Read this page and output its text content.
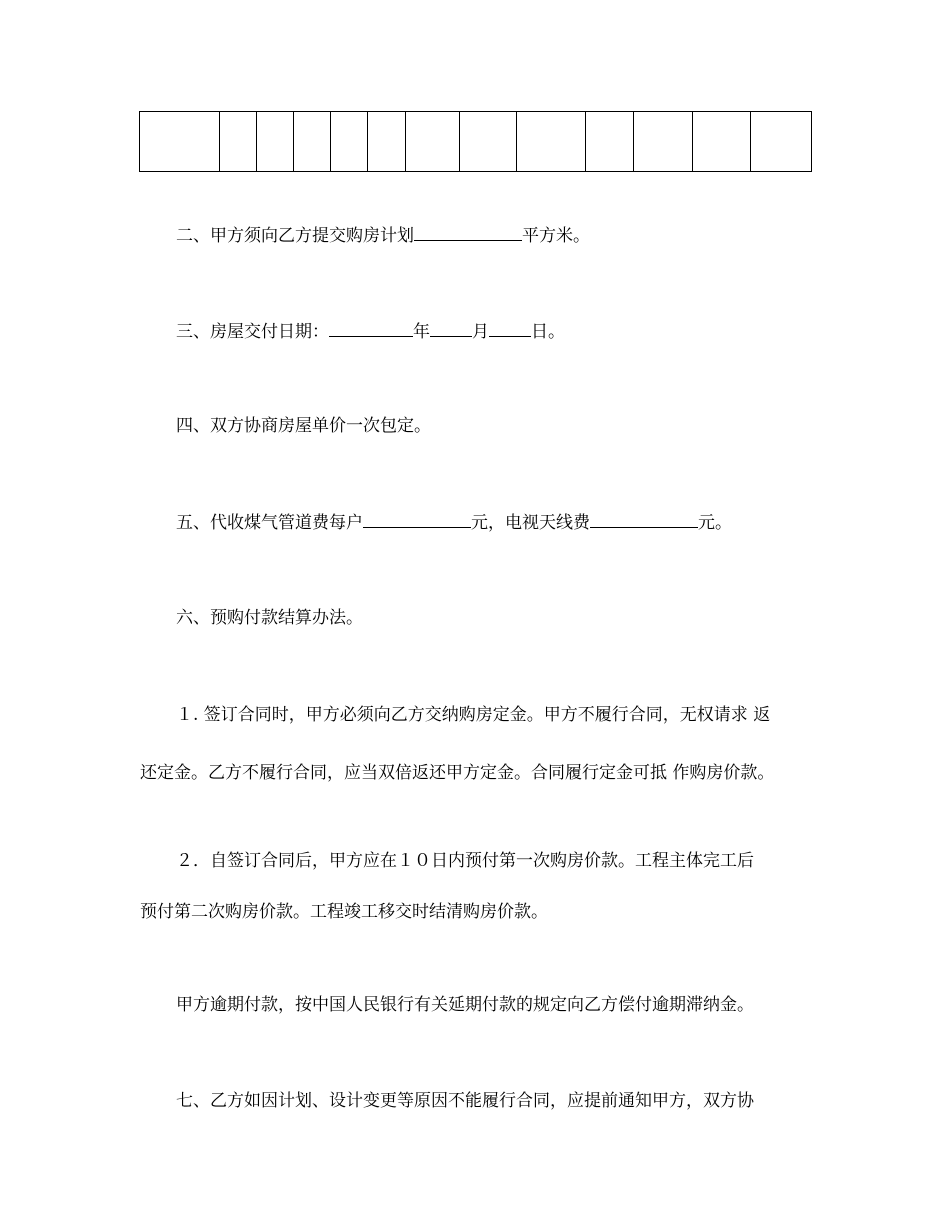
二、甲方须向乙方提交购房计划	平方米。
三、房屋交付日期：	年 月 日。
四、双方协商房屋单价一次包定。
五、代收煤气管道费每户	元，电视天线费	元。
六、预购付款结算办法。
１. 签订合同时，甲方必须向乙方交纳购房定金。甲方不履行合同，无权请求 返
还定金。乙方不履行合同，应当双倍返还甲方定金。合同履行定金可抵 作购房价款。
２．自签订合同后，甲方应在１０日内预付第一次购房价款。工程主体完工后
预付第二次购房价款。工程竣工移交时结清购房价款。
甲方逾期付款，按中国人民银行有关延期付款的规定向乙方偿付逾期滞纳金。
七、乙方如因计划、设计变更等原因不能履行合同，应提前通知甲方，双方协
